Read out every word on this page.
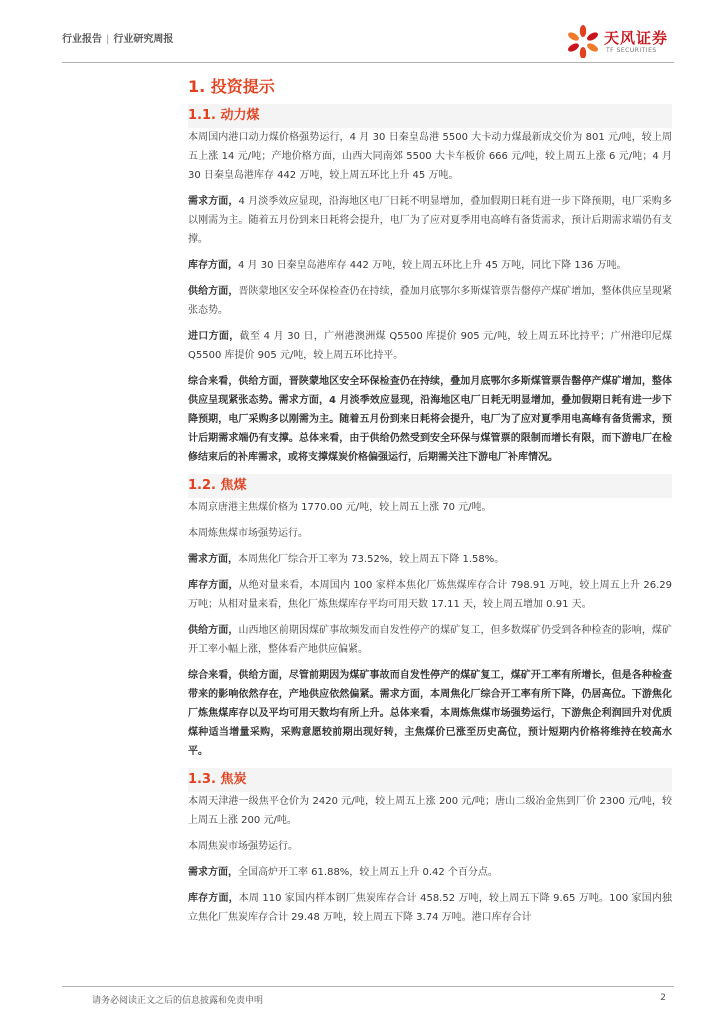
行业报告 | 行业研究周报	天风证券
TF SECURITIES
1. 投资提示
1.1. 动力煤

本周国内港口动力煤价格强势运行，4 月 30 日秦皇岛港 5500 大卡动力煤最新成交价为 801 元/吨，较上周五上涨 14 元/吨；产地价格方面，山西大同南郊 5500 大卡车板价 666 元/吨，较上周五上涨 6 元/吨；4 月 30 日秦皇岛港库存 442 万吨，较上周五环比上升 45 万吨。

需求方面，4 月淡季效应显现，沿海地区电厂日耗不明显增加，叠加假期日耗有进一步下降预期，电厂采购多以刚需为主。随着五月份到来日耗将会提升，电厂为了应对夏季用电高峰有备货需求，预计后期需求端仍有支撑。

库存方面，4 月 30 日秦皇岛港库存 442 万吨，较上周五环比上升 45 万吨，同比下降 136 万吨。

供给方面，晋陕蒙地区安全环保检查仍在持续，叠加月底鄂尔多斯煤管票告罄停产煤矿增加，整体供应呈现紧张态势。

进口方面，截至 4 月 30 日，广州港澳洲煤 Q5500 库提价 905 元/吨，较上周五环比持平；广州港印尼煤 Q5500 库提价 905 元/吨，较上周五环比持平。

综合来看，供给方面，晋陕蒙地区安全环保检查仍在持续，叠加月底鄂尔多斯煤管票告罄停产煤矿增加，整体供应呈现紧张态势。需求方面，4 月淡季效应显现，沿海地区电厂日耗无明显增加，叠加假期日耗有进一步下降预期，电厂采购多以刚需为主。随着五月份到来日耗将会提升，电厂为了应对夏季用电高峰有备货需求，预计后期需求端仍有支撑。总体来看，由于供给仍然受到安全环保与煤管票的限制而增长有限，而下游电厂在检修结束后的补库需求，或将支撑煤炭价格偏强运行，后期需关注下游电厂补库情况。

1.2. 焦煤

本周京唐港主焦煤价格为 1770.00 元/吨，较上周五上涨 70 元/吨。

本周炼焦煤市场强势运行。

需求方面，本周焦化厂综合开工率为 73.52%，较上周五下降 1.58%。

库存方面，从绝对量来看，本周国内 100 家样本焦化厂炼焦煤库存合计 798.91 万吨，较上周五上升 26.29 万吨；从相对量来看，焦化厂炼焦煤库存平均可用天数 17.11 天，较上周五增加 0.91 天。

供给方面，山西地区前期因煤矿事故频发而自发性停产的煤矿复工，但多数煤矿仍受到各种检查的影响，煤矿开工率小幅上涨，整体看产地供应偏紧。

综合来看，供给方面，尽管前期因为煤矿事故而自发性停产的煤矿复工，煤矿开工率有所增长，但是各种检查带来的影响依然存在，产地供应依然偏紧。需求方面，本周焦化厂综合开工率有所下降，仍居高位。下游焦化厂炼焦煤库存以及平均可用天数均有所上升。总体来看，本周炼焦煤市场强势运行，下游焦企利润回升对优质煤种适当增量采购，采购意愿较前期出现好转，主焦煤价已涨至历史高位，预计短期内价格将维持在较高水平。

1.3. 焦炭

本周天津港一级焦平仓价为 2420 元/吨，较上周五上涨 200 元/吨；唐山二级冶金焦到厂价 2300 元/吨，较上周五上涨 200 元/吨。

本周焦炭市场强势运行。

需求方面，全国高炉开工率 61.88%，较上周五上升 0.42 个百分点。

库存方面，本周 110 家国内样本钢厂焦炭库存合计 458.52 万吨，较上周五下降 9.65 万吨。100 家国内独立焦化厂焦炭库存合计 29.48 万吨，较上周五下降 3.74 万吨。港口库存合计

请务必阅读正文之后的信息披露和免责申明	2
